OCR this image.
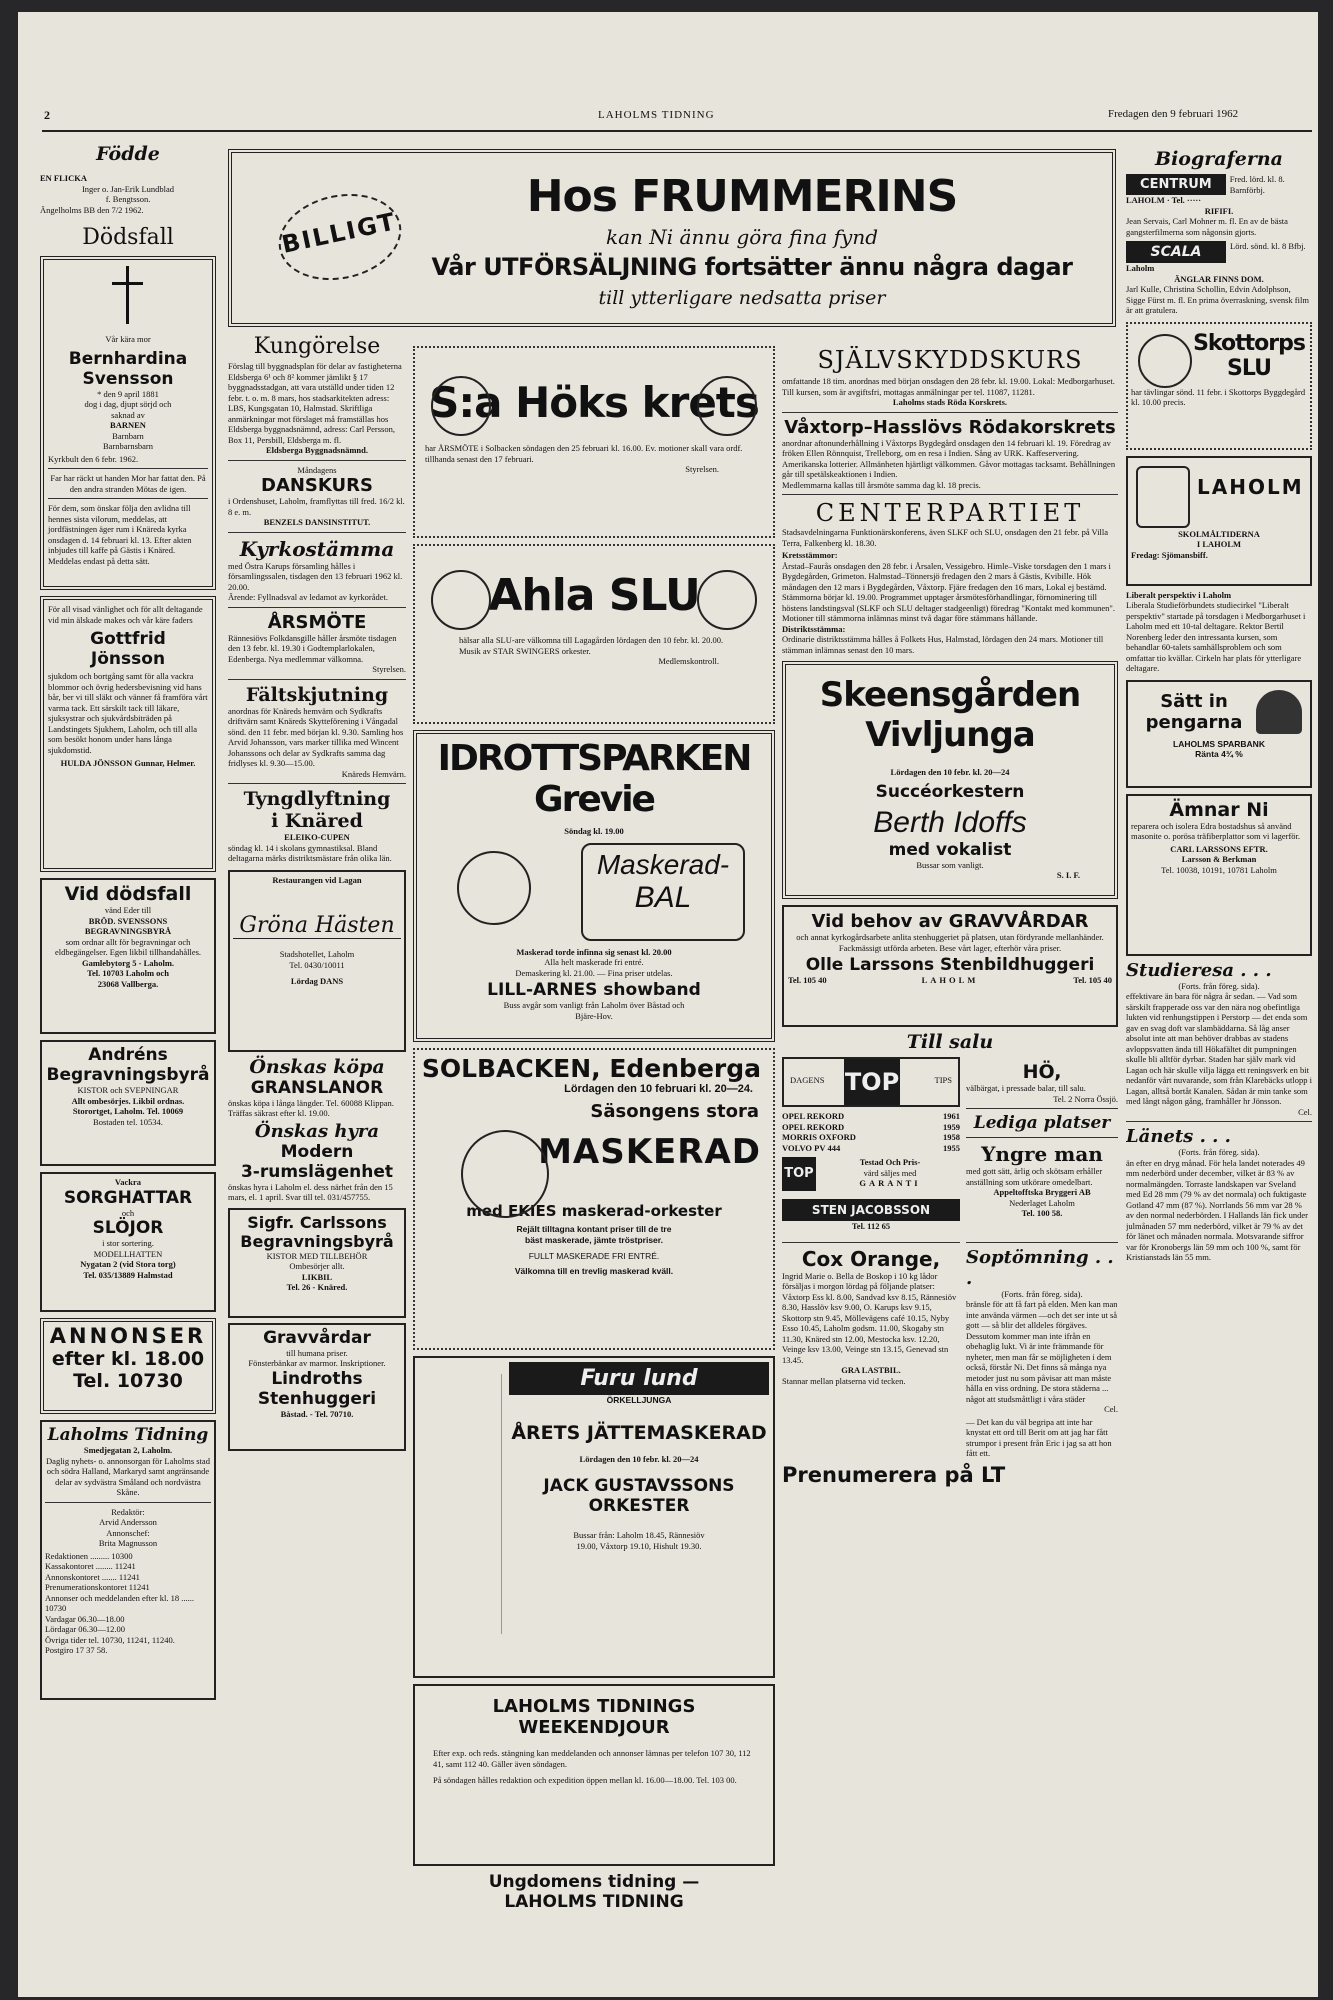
2	LAHOLMS TIDNING	Fredagen den 9 februari 1962
Födde
EN FLICKA
Inger o. Jan-Erik Lundblad
f. Bengtsson.
Ängelholms BB den 7/2 1962.
Dödsfall
Vår kära mor
Bernhardina
Svensson
* den 9 april 1881
dog i dag, djupt sörjd och
saknad av
BARNEN
Barnbarn
Barnbarnsbarn
Kyrkbult den 6 febr. 1962.
Far har räckt ut handen Mor har fattat den. På den andra stranden Mötas de igen.
För dem, som önskar följa den avlidna till hennes sista vilorum, meddelas, att jordfästningen äger rum i Knäreda kyrka onsdagen d. 14 februari kl. 13. Efter akten inbjudes till kaffe på Gästis i Knäred. Meddelas endast på detta sätt.
För all visad vänlighet och för allt deltagande vid min älskade makes och vår käre faders
Gottfrid
Jönsson
sjukdom och bortgång samt för alla vackra blommor och övrig hedersbevisning vid hans bår, ber vi till släkt och vänner få framföra vårt varma tack. Ett särskilt tack till läkare, sjuksystrar och sjukvårdsbiträden på Landstingets Sjukhem, Laholm, och till alla som besökt honom under hans långa sjukdomstid.
HULDA JÖNSSON Gunnar, Helmer.
Vid dödsfall
vänd Eder till
BRÖD. SVENSSONS
BEGRAVNINGSBYRÅ
som ordnar allt för begravningar och eldbegängelser. Egen likbil tillhandahålles.
Gamlebytorg 5 - Laholm.
Tel. 10703 Laholm och
23068 Vallberga.
Andréns
Begravningsbyrå
KISTOR och SVEPNINGAR
Allt ombesörjes. Likbil ordnas.
Storortget, Laholm. Tel. 10069
Bostaden tel. 10534.
Vackra
SORGHATTAR
och
SLÖJOR
i stor sortering.
MODELLHATTEN
Nygatan 2 (vid Stora torg)
Tel. 035/13889 Halmstad
ANNONSER
efter kl. 18.00
Tel. 10730
Laholms Tidning
Smedjegatan 2, Laholm.
Daglig nyhets- o. annonsorgan för Laholms stad och södra Halland, Markaryd samt angränsande delar av sydvästra Småland och nordvästra Skåne.
Redaktör:
Arvid Andersson
Annonschef:
Brita Magnusson
Redaktionen ......... 10300
Kassakontoret ........ 11241
Annonskontoret ....... 11241
Prenumerationskontoret 11241
Annonser och meddelanden efter kl. 18 ...... 10730
Vardagar 06.30—18.00
Lördagar 06.30—12.00
Övriga tider tel. 10730, 11241, 11240.
Postgiro 17 37 58.
BILLIGT
Hos FRUMMERINS
kan Ni ännu göra fina fynd
Vår UTFÖRSÄLJNING fortsätter ännu några dagar
till ytterligare nedsatta priser
Kungörelse
Förslag till byggnadsplan för delar av fastigheterna Eldsberga 6¹ och 8² kommer jämlikt § 17 byggnadsstadgan, att vara utställd under tiden 12 febr. t. o. m. 8 mars, hos stadsarkitekten adress: LBS, Kungsgatan 10, Halmstad. Skriftliga anmärkningar mot förslaget må framställas hos Eldsberga byggnadsnämnd, adress: Carl Persson, Box 11, Persbill, Eldsberga m. fl.
Eldsberga Byggnadsnämnd.
Måndagens
DANSKURS
i Ordenshuset, Laholm, framflyttas till fred. 16/2 kl. 8 e. m.
BENZELS DANSINSTITUT.
Kyrkostämma
med Östra Karups församling hålles i församlingssalen, tisdagen den 13 februari 1962 kl. 20.00.
Ärende: Fyllnadsval av ledamot av kyrkorådet.
ÅRSMÖTE
Rännesiövs Folkdansgille håller årsmöte tisdagen den 13 febr. kl. 19.30 i Godtemplarlokalen, Edenberga. Nya medlemmar välkomna.
Styrelsen.
Fältskjutning
anordnas för Knäreds hemvärn och Sydkrafts driftvärn samt Knäreds Skytteförening i Vångadal sönd. den 11 febr. med början kl. 9.30. Samling hos Arvid Johansson, vars marker tillika med Wincent Johanssons och delar av Sydkrafts samma dag fridlyses kl. 9.30—15.00.
Knäreds Hemvärn.
Tyngdlyftning
i Knäred
ELEIKO-CUPEN
söndag kl. 14 i skolans gymnastiksal. Bland deltagarna märks distriktsmästare från olika län.
Restaurangen vid Lagan
Gröna Hästen
Stadshotellet, Laholm
Tel. 0430/10011
Lördag DANS
Önskas köpa
GRANSLANOR
önskas köpa i långa längder. Tel. 60088 Klippan. Träffas säkrast efter kl. 19.00.
Önskas hyra
Modern
3-rumslägenhet
önskas hyra i Laholm el. dess närhet från den 15 mars, el. 1 april. Svar till tel. 031/457755.
Sigfr. Carlssons
Begravningsbyrå
KISTOR MED TILLBEHÖR
Ombesörjer allt.
LIKBIL
Tel. 26 - Knäred.
Gravvårdar
till humana priser.
Fönsterbänkar av marmor. Inskriptioner.
Lindroths
Stenhuggeri
Båstad. - Tel. 70710.
S:a Höks krets
har ÅRSMÖTE i Solbacken söndagen den 25 februari kl. 16.00. Ev. motioner skall vara ordf. tillhanda senast den 17 februari.
Styrelsen.
Ahla SLU
hälsar alla SLU-are välkomna till Lagagården lördagen den 10 febr. kl. 20.00.
Musik av STAR SWINGERS orkester.
Medlemskontroll.
IDROTTSPARKEN Grevie
Söndag kl. 19.00
Maskerad-
BAL
Maskerad torde infinna sig senast kl. 20.00
Alla helt maskerade fri entré.
Demaskering kl. 21.00. — Fina priser utdelas.
LILL-ARNES showband
Buss avgår som vanligt från Laholm över Båstad och
Bjäre-Hov.
SOLBACKEN, Edenberga
Lördagen den 10 februari kl. 20—24.
Säsongens stora
MASKERAD
med EKIES maskerad-orkester
Rejält tilltagna kontant priser till de tre
bäst maskerade, jämte tröstpriser.
FULLT MASKERADE FRI ENTRÉ.
Välkomna till en trevlig maskerad kväll.
Furu lund
ÖRKELLJUNGA
ÅRETS JÄTTEMASKERAD
Lördagen den 10 febr. kl. 20—24
JACK GUSTAVSSONS
ORKESTER
Bussar från: Laholm 18.45, Rännesiöv
19.00, Våxtorp 19.10, Hishult 19.30.
LAHOLMS TIDNINGS
WEEKENDJOUR
Efter exp. och reds. stängning kan meddelanden och annonser lämnas per telefon 107 30, 112 41, samt 112 40. Gäller även söndagen.
På söndagen hålles redaktion och expedition öppen mellan kl. 16.00—18.00. Tel. 103 00.
Ungdomens tidning —
LAHOLMS TIDNING
SJÄLVSKYDDSKURS
omfattande 18 tim. anordnas med början onsdagen den 28 febr. kl. 19.00. Lokal: Medborgarhuset. Till kursen, som är avgiftsfri, mottagas anmälningar per tel. 11087, 11281.
Laholms stads Röda Korskrets.
Våxtorp–Hasslövs Rödakorskrets
anordnar aftonunderhållning i Våxtorps Bygdegård onsdagen den 14 februari kl. 19. Föredrag av fröken Ellen Rönnquist, Trelleborg, om en resa i Indien. Sång av URK. Kaffeservering. Amerikanska lotterier. Allmänheten hjärtligt välkommen. Gåvor mottagas tacksamt. Behållningen går till spetälskeaktionen i Indien.
Medlemmarna kallas till årsmöte samma dag kl. 18 precis.
CENTERPARTIET
Stadsavdelningarna Funktionärskonferens, även SLKF och SLU, onsdagen den 21 febr. på Villa Terra, Falkenberg kl. 18.30.
Kretsstämmor:
Årstad–Faurås onsdagen den 28 febr. i Årsalen, Vessigebro. Himle–Viske torsdagen den 1 mars i Bygdegården, Grimeton. Halmstad–Tönnersjö fredagen den 2 mars å Gästis, Kvibille. Hök måndagen den 12 mars i Bygdegården, Våxtorp. Fjäre fredagen den 16 mars, Lokal ej bestämd. Stämmorna börjar kl. 19.00. Programmet upptager årsmötesförhandlingar, förnominering till höstens landstingsval (SLKF och SLU deltager stadgeenligt) föredrag "Kontakt med kommunen". Motioner till stämmorna inlämnas minst två dagar före stämmans hållande.
Distriktsstämma:
Ordinarie distriktsstämma hålles å Folkets Hus, Halmstad, lördagen den 24 mars. Motioner till stämman inlämnas senast den 10 mars.
Skeensgården Vivljunga
Lördagen den 10 febr. kl. 20—24
Succéorkestern
Berth Idoffs
med vokalist
Bussar som vanligt.
S. I. F.
Vid behov av GRAVVÅRDAR
och annat kyrkogårdsarbete anlita stenhuggeriet på platsen, utan fördyrande mellanhänder. Fackmässigt utförda arbeten. Bese vårt lager, efterhör våra priser.
Olle Larssons Stenbildhuggeri
Tel. 105 40	LAHOLM	Tel. 105 40
Till salu
DAGENS TOP	TIPS
OPEL REKORD	1961
OPEL REKORD	1959
MORRIS OXFORD	1958
VOLVO PV 444	1955
TOP
Testad Och Pris-
värd säljes med
GARANTI
STEN JACOBSSON
Tel. 112 65
HÖ,
välbärgat, i pressade balar, till salu.
Tel. 2 Norra Össjö.
Lediga platser
Yngre man
med gott sätt, ärlig och skötsam erhåller anställning som utkörare omedelbart.
Appeltofftska Bryggeri AB
Nederlaget Laholm
Tel. 100 58.
Cox Orange,
Ingrid Marie o. Bella de Boskop i 10 kg lådor försäljas i morgon lördag på följande platser: Våxtorp Ess kl. 8.00, Sandvad ksv 8.15, Rännesiöv 8.30, Hasslöv ksv 9.00, O. Karups ksv 9.15, Skottorp stn 9.45, Möllevägens café 10.15, Nyby Esso 10.45, Laholm godsm. 11.00, Skogaby stn 11.30, Knäred stn 12.00, Mestocka ksv. 12.20, Veinge ksv 13.00, Veinge stn 13.15, Genevad stn 13.45.
GRA LASTBIL.
Stannar mellan platserna vid tecken.
Soptömning . . .
(Forts. från föreg. sida).
bränsle för att få fart på elden. Men kan man inte använda värmen —och det ser inte ut så gott — så blir det alldeles förgäves. Dessutom kommer man inte ifrån en obehaglig lukt. Vi är inte främmande för nyheter, men man får se möjligheten i dem också, förstår Ni. Det finns så många nya metoder just nu som påvisar att man måste hålla en viss ordning. De stora städerna ... något att studsmåttligt i våra städer
Cel.
— Det kan du väl begripa att inte har knystat ett ord till Berit om att jag har fått strumpor i present från Eric i jag sa att hon fått ett.
Prenumerera på LT
Biograferna
CENTRUM	Fred. lörd. kl. 8. Barnförbj.
LAHOLM · Tel. ·····
RIFIFI.
Jean Servais, Carl Mohner m. fl. En av de bästa gangsterfilmerna som någonsin gjorts.
SCALA	Lörd. sönd. kl. 8 Bfbj.
Laholm
ÄNGLAR FINNS DOM.
Jarl Kulle, Christina Schollin, Edvin Adolphson, Sigge Fürst m. fl. En prima överraskning, svensk film är att gratulera.
Skottorps
SLU
har tävlingar sönd. 11 febr. i Skottorps Byggdegård kl. 10.00 precis.
LAHOLM
SKOLMÅLTIDERNA
I LAHOLM
Fredag: Sjömansbiff.
Liberalt perspektiv i Laholm
Liberala Studieförbundets studiecirkel "Liberalt perspektiv" startade på torsdagen i Medborgarhuset i Laholm med ett 10-tal deltagare. Rektor Bertil Norenberg leder den intressanta kursen, som behandlar 60-talets samhällsproblem och som omfattar tio kvällar. Cirkeln har plats för ytterligare deltagare.
Sätt in
pengarna
LAHOLMS SPARBANK
Ränta 4¾ %
Ämnar Ni
reparera och isolera Edra bostadshus så använd masonite o. porösa träfiberplattor som vi lagerför.
CARL LARSSONS EFTR.
Larsson & Berkman
Tel. 10038, 10191, 10781 Laholm
Studieresa . . .
(Forts. från föreg. sida).
effektivare än bara för några år sedan. — Vad som särskilt frapperade oss var den nära nog obefintliga lukten vid renhungstippen i Perstorp — det enda som gav en svag doft var slambäddarna. Så låg anser absolut inte att man behöver drabbas av stadens avloppsvatten ända till Hökafältet dit pumpningen skulle bli alltför dyrbar. Staden har själv mark vid Lagan och här skulle vilja lägga ett reningsverk en bit nedanför vårt nuvarande, som från Klarebäcks utlopp i Lagan, alltså bortåt Kanalen. Sådan är min tanke som med långt någon gång, framhåller hr Jönsson.
Cel.
Länets . . .
(Forts. från föreg. sida).
än efter en dryg månad. För hela landet noterades 49 mm nederbörd under december, vilket är 83 % av normalmängden. Torraste landskapen var Sveland med Ed 28 mm (79 % av det normala) och fuktigaste Gotland 47 mm (87 %). Norrlands 56 mm var 28 % av den normal nederbörden. I Hallands län fick under julmånaden 57 mm nederbörd, vilket är 79 % av det för länet och månaden normala. Motsvarande siffror var för Kronobergs län 59 mm och 100 %, samt för Kristianstads län 55 mm.
